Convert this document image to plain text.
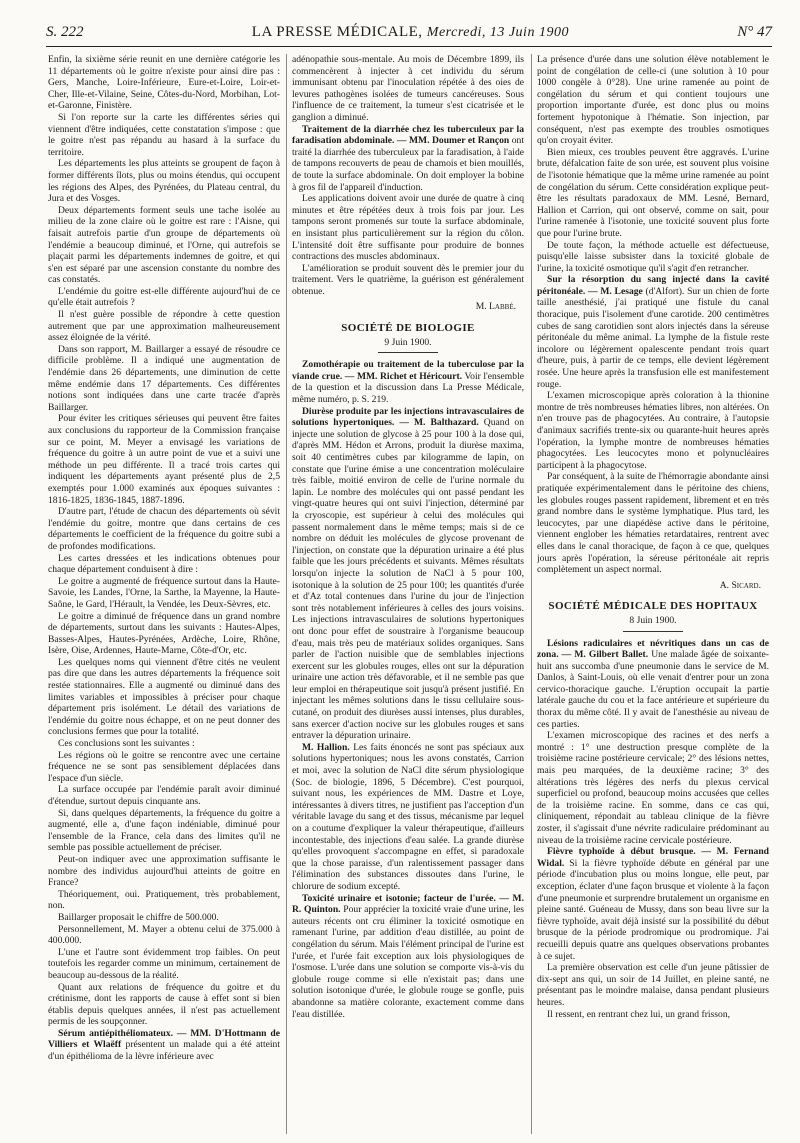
S. 222	LA PRESSE MÉDICALE, Mercredi, 13 Juin 1900	N° 47

Enfin, la sixième série reunit en une dernière catégorie les 11 départements où le goitre n'existe pour ainsi dire pas : Gers, Manche, Loire-Inférieure, Eure-et-Loire, Loir-et-Cher, Ille-et-Vilaine, Seine, Côtes-du-Nord, Morbihan, Lot-et-Garonne, Finistère.

Si l'on reporte sur la carte les différentes séries qui viennent d'être indiquées, cette constatation s'impose : que le goitre n'est pas répandu au hasard à la surface du territoire.

Les départements les plus atteints se groupent de façon à former différents îlots, plus ou moins étendus, qui occupent les régions des Alpes, des Pyrénées, du Plateau central, du Jura et des Vosges.

Deux départements forment seuls une tache isolée au milieu de la zone claire où le goitre est rare : l'Aisne, qui faisait autrefois partie d'un groupe de départements où l'endémie a beaucoup diminué, et l'Orne, qui autrefois se plaçait parmi les départements indemnes de goitre, et qui s'en est séparé par une ascension constante du nombre des cas constatés.

L'endémie du goitre est-elle différente aujourd'hui de ce qu'elle était autrefois ?

Il n'est guère possible de répondre à cette question autrement que par une approximation malheureusement assez éloignée de la vérité.

Dans son rapport, M. Baillarger a essayé de résoudre ce difficile problème. Il a indiqué une augmentation de l'endémie dans 26 départements, une diminution de cette même endémie dans 17 départements. Ces différentes notions sont indiquées dans une carte tracée d'après Baillarger.

Pour éviter les critiques sérieuses qui peuvent être faites aux conclusions du rapporteur de la Commission française sur ce point, M. Meyer a envisagé les variations de fréquence du goitre à un autre point de vue et a suivi une méthode un peu différente. Il a tracé trois cartes qui indiquent les départements ayant présenté plus de 2,5 exemptés pour 1.000 examinés aux époques suivantes : 1816-1825, 1836-1845, 1887-1896.

D'autre part, l'étude de chacun des départements où sévit l'endémie du goitre, montre que dans certains de ces départements le coefficient de la fréquence du goitre subi a de profondes modifications.

Les cartes dressées et les indications obtenues pour chaque département conduisent à dire :

Le goitre a augmenté de fréquence surtout dans la Haute-Savoie, les Landes, l'Orne, la Sarthe, la Mayenne, la Haute-Saône, le Gard, l'Hérault, la Vendée, les Deux-Sèvres, etc.

Le goitre a diminué de fréquence dans un grand nombre de départements, surtout dans les suivants : Hautes-Alpes, Basses-Alpes, Hautes-Pyrénées, Ardèche, Loire, Rhône, Isère, Oise, Ardennes, Haute-Marne, Côte-d'Or, etc.

Les quelques noms qui viennent d'être cités ne veulent pas dire que dans les autres départements la fréquence soit restée stationnaires. Elle a augmenté ou diminué dans des limites variables et impossibles à préciser pour chaque département pris isolément. Le détail des variations de l'endémie du goitre nous échappe, et on ne peut donner des conclusions fermes que pour la totalité.

Ces conclusions sont les suivantes :

Les régions où le goitre se rencontre avec une certaine fréquence ne se sont pas sensiblement déplacées dans l'espace d'un siècle.

La surface occupée par l'endémie paraît avoir diminué d'étendue, surtout depuis cinquante ans.

Si, dans quelques départements, la fréquence du goitre a augmenté, elle a, d'une façon indéniable, diminué pour l'ensemble de la France, cela dans des limites qu'il ne semble pas possible actuellement de préciser.

Peut-on indiquer avec une approximation suffisante le nombre des individus aujourd'hui atteints de goitre en France?

Théoriquement, oui. Pratiquement, très probablement, non.

Baillarger proposait le chiffre de 500.000.

Personnellement, M. Mayer a obtenu celui de 375.000 à 400.000.

L'une et l'autre sont évidemment trop faibles. On peut toutefois les regarder comme un minimum, certainement de beaucoup au-dessous de la réalité.

Quant aux relations de fréquence du goitre et du crétinisme, dont les rapports de cause à effet sont si bien établis depuis quelques années, il n'est pas actuellement permis de les soupçonner.

Sérum antiépithéliomateux. — MM. D'Hottmann de Villiers et Wlaëff présentent un malade qui a été atteint d'un épithélioma de la lèvre inférieure avec

adénopathie sous-mentale. Au mois de Décembre 1899, ils commencèrent à injecter à cet individu du sérum immunisant obtenu par l'inoculation répétée à des oies de levures pathogènes isolées de tumeurs cancéreuses. Sous l'influence de ce traitement, la tumeur s'est cicatrisée et le ganglion a diminué.

Traitement de la diarrhée chez les tuberculeux par la faradisation abdominale. — MM. Doumer et Rançon ont traité la diarrhée des tuberculeux par la faradisation, à l'aide de tampons recouverts de peau de chamois et bien mouillés, de toute la surface abdominale. On doit employer la bobine à gros fil de l'appareil d'induction.

Les applications doivent avoir une durée de quatre à cinq minutes et être répétées deux à trois fois par jour. Les tampons seront promenés sur toute la surface abdominale, en insistant plus particulièrement sur la région du côlon. L'intensité doit être suffisante pour produire de bonnes contractions des muscles abdominaux.

L'amélioration se produit souvent dès le premier jour du traitement. Vers le quatrième, la guérison est généralement obtenue.

M. Labbé.
SOCIÉTÉ DE BIOLOGIE
9 Juin 1900.

Zomothérapie ou traitement de la tuberculose par la viande crue. — MM. Richet et Héricourt. Voir l'ensemble de la question et la discussion dans La Presse Médicale, même numéro, p. S. 219.

Diurèse produite par les injections intravasculaires de solutions hypertoniques. — M. Balthazard. Quand on injecte une solution de glycose à 25 pour 100 à la dose qui, d'après MM. Hédon et Arrons, produit la diurèse maxima, soit 40 centimètres cubes par kilogramme de lapin, on constate que l'urine émise a une concentration moléculaire très faible, moitié environ de celle de l'urine normale du lapin. Le nombre des molécules qui ont passé pendant les vingt-quatre heures qui ont suivi l'injection, déterminé par la cryoscopie, est supérieur à celui des molécules qui passent normalement dans le même temps; mais si de ce nombre on déduit les molécules de glycose provenant de l'injection, on constate que la dépuration urinaire a été plus faible que les jours précédents et suivants. Mêmes résultats lorsqu'on injecte la solution de NaCl à 5 pour 100, isotonique à la solution de 25 pour 100; les quantités d'urée et d'Az total contenues dans l'urine du jour de l'injection sont très notablement inférieures à celles des jours voisins. Les injections intravasculaires de solutions hypertoniques ont donc pour effet de soustraire à l'organisme beaucoup d'eau, mais très peu de matériaux solides organiques. Sans parler de l'action nuisible que de semblables injections exercent sur les globules rouges, elles ont sur la dépuration urinaire une action très défavorable, et il ne semble pas que leur emploi en thérapeutique soit jusqu'à présent justifié. En injectant les mêmes solutions dans le tissu cellulaire sous-cutané, on produit des diurèses aussi intenses, plus durables, sans exercer d'action nocive sur les globules rouges et sans entraver la dépuration urinaire.

M. Hallion. Les faits énoncés ne sont pas spéciaux aux solutions hypertoniques; nous les avons constatés, Carrion et moi, avec la solution de NaCl dite sérum physiologique (Soc. de biologie, 1896, 5 Décembre). C'est pourquoi, suivant nous, les expériences de MM. Dastre et Loye, intéressantes à divers titres, ne justifient pas l'acception d'un véritable lavage du sang et des tissus, mécanisme par lequel on a coutume d'expliquer la valeur thérapeutique, d'ailleurs incontestable, des injections d'eau salée. La grande diurèse qu'elles provoquent s'accompagne en effet, si paradoxale que la chose paraisse, d'un ralentissement passager dans l'élimination des substances dissoutes dans l'urine, le chlorure de sodium excepté.

Toxicité urinaire et isotonie; facteur de l'urée. — M. R. Quinton. Pour apprécier la toxicité vraie d'une urine, les auteurs récents ont cru éliminer la toxicité osmotique en ramenant l'urine, par addition d'eau distillée, au point de congélation du sérum. Mais l'élément principal de l'urine est l'urée, et l'urée fait exception aux lois physiologiques de l'osmose. L'urée dans une solution se comporte vis-à-vis du globule rouge comme si elle n'existait pas; dans une solution isotonique d'urée, le globule rouge se gonfle, puis abandonne sa matière colorante, exactement comme dans l'eau distillée.

La présence d'urée dans une solution élève notablement le point de congélation de celle-ci (une solution à 10 pour 1000 congèle à 0°28). Une urine ramenée au point de congélation du sérum et qui contient toujours une proportion importante d'urée, est donc plus ou moins fortement hypotonique à l'hématie. Son injection, par conséquent, n'est pas exempte des troubles osmotiques qu'on croyait éviter.

Bien mieux, ces troubles peuvent être aggravés. L'urine brute, défalcation faite de son urée, est souvent plus voisine de l'isotonie hématique que la même urine ramenée au point de congélation du sérum. Cette considération explique peut-être les résultats paradoxaux de MM. Lesné, Bernard, Hallion et Carrion, qui ont observé, comme on sait, pour l'urine ramenée à l'isotonie, une toxicité souvent plus forte que pour l'urine brute.

De toute façon, la méthode actuelle est défectueuse, puisqu'elle laisse subsister dans la toxicité globale de l'urine, la toxicité osmotique qu'il s'agit d'en retrancher.

Sur la résorption du sang injecté dans la cavité péritonéale. — M. Lesage (d'Alfort). Sur un chien de forte taille anesthésié, j'ai pratiqué une fistule du canal thoracique, puis l'isolement d'une carotide. 200 centimètres cubes de sang carotidien sont alors injectés dans la séreuse péritonéale du même animal. La lymphe de la fistule reste incolore ou légèrement opalescente pendant trois quart d'heure, puis, à partir de ce temps, elle devient légèrement rosée. Une heure après la transfusion elle est manifestement rouge.

L'examen microscopique après coloration à la thionine montre de très nombreuses hématies libres, non altérées. On n'en trouve pas de phagocytées. Au contraire, à l'autopsie d'animaux sacrifiés trente-six ou quarante-huit heures après l'opération, la lymphe montre de nombreuses hématies phagocytées. Les leucocytes mono et polynucléaires participent à la phagocytose.

Par conséquent, à la suite de l'hémorragie abondante ainsi pratiquée expérimentalement dans le péritoine des chiens, les globules rouges passent rapidement, librement et en très grand nombre dans le système lymphatique. Plus tard, les leucocytes, par une diapédèse active dans le péritoine, viennent englober les hématies retardataires, rentrent avec elles dans le canal thoracique, de façon à ce que, quelques jours après l'opération, la séreuse péritonéale ait repris complètement un aspect normal.

A. Sicard.
SOCIÉTÉ MÉDICALE DES HOPITAUX
8 Juin 1900.

Lésions radiculaires et névritiques dans un cas de zona. — M. Gilbert Ballet. Une malade âgée de soixante-huit ans succomba d'une pneumonie dans le service de M. Danlos, à Saint-Louis, où elle venait d'entrer pour un zona cervico-thoracique gauche. L'éruption occupait la partie latérale gauche du cou et la face antérieure et supérieure du thorax du même côté. Il y avait de l'anesthésie au niveau de ces parties.

L'examen microscopique des racines et des nerfs a montré : 1° une destruction presque complète de la troisième racine postérieure cervicale; 2° des lésions nettes, mais peu marquées, de la deuxième racine; 3° des altérations très légères des nerfs du plexus cervical superficiel ou profond, beaucoup moins accusées que celles de la troisième racine. En somme, dans ce cas qui, cliniquement, répondait au tableau clinique de la fièvre zoster, il s'agissait d'une névrite radiculaire prédominant au niveau de la troisième racine cervicale postérieure.

Fièvre typhoïde à début brusque. — M. Fernand Widal. Si la fièvre typhoïde débute en général par une période d'incubation plus ou moins longue, elle peut, par exception, éclater d'une façon brusque et violente à la façon d'une pneumonie et surprendre brutalement un organisme en pleine santé. Guéneau de Mussy, dans son beau livre sur la fièvre typhoïde, avait déjà insisté sur la possibilité du début brusque de la période prodromique ou prodromique. J'ai recueilli depuis quatre ans quelques observations probantes à ce sujet.

La première observation est celle d'un jeune pâtissier de dix-sept ans qui, un soir de 14 Juillet, en pleine santé, ne présentant pas le moindre malaise, dansa pendant plusieurs heures.

Il ressent, en rentrant chez lui, un grand frisson,
